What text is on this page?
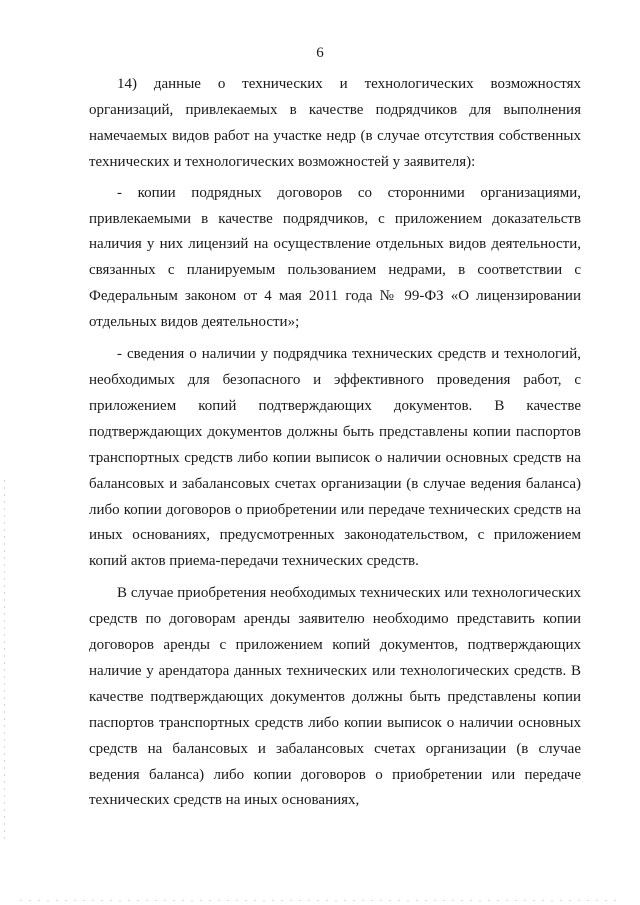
6

14) данные о технических и технологических возможностях организаций, привлекаемых в качестве подрядчиков для выполнения намечаемых видов работ на участке недр (в случае отсутствия собственных технических и технологических возможностей у заявителя):

- копии подрядных договоров со сторонними организациями, привлекаемыми в качестве подрядчиков, с приложением доказательств наличия у них лицензий на осуществление отдельных видов деятельности, связанных с планируемым пользованием недрами, в соответствии с Федеральным законом от 4 мая 2011 года № 99-ФЗ «О лицензировании отдельных видов деятельности»;

- сведения о наличии у подрядчика технических средств и технологий, необходимых для безопасного и эффективного проведения работ, с приложением копий подтверждающих документов. В качестве подтверждающих документов должны быть представлены копии паспортов транспортных средств либо копии выписок о наличии основных средств на балансовых и забалансовых счетах организации (в случае ведения баланса) либо копии договоров о приобретении или передаче технических средств на иных основаниях, предусмотренных законодательством, с приложением копий актов приема-передачи технических средств.

В случае приобретения необходимых технических или технологических средств по договорам аренды заявителю необходимо представить копии договоров аренды с приложением копий документов, подтверждающих наличие у арендатора данных технических или технологических средств. В качестве подтверждающих документов должны быть представлены копии паспортов транспортных средств либо копии выписок о наличии основных средств на балансовых и забалансовых счетах организации (в случае ведения баланса) либо копии договоров о приобретении или передаче технических средств на иных основаниях,
